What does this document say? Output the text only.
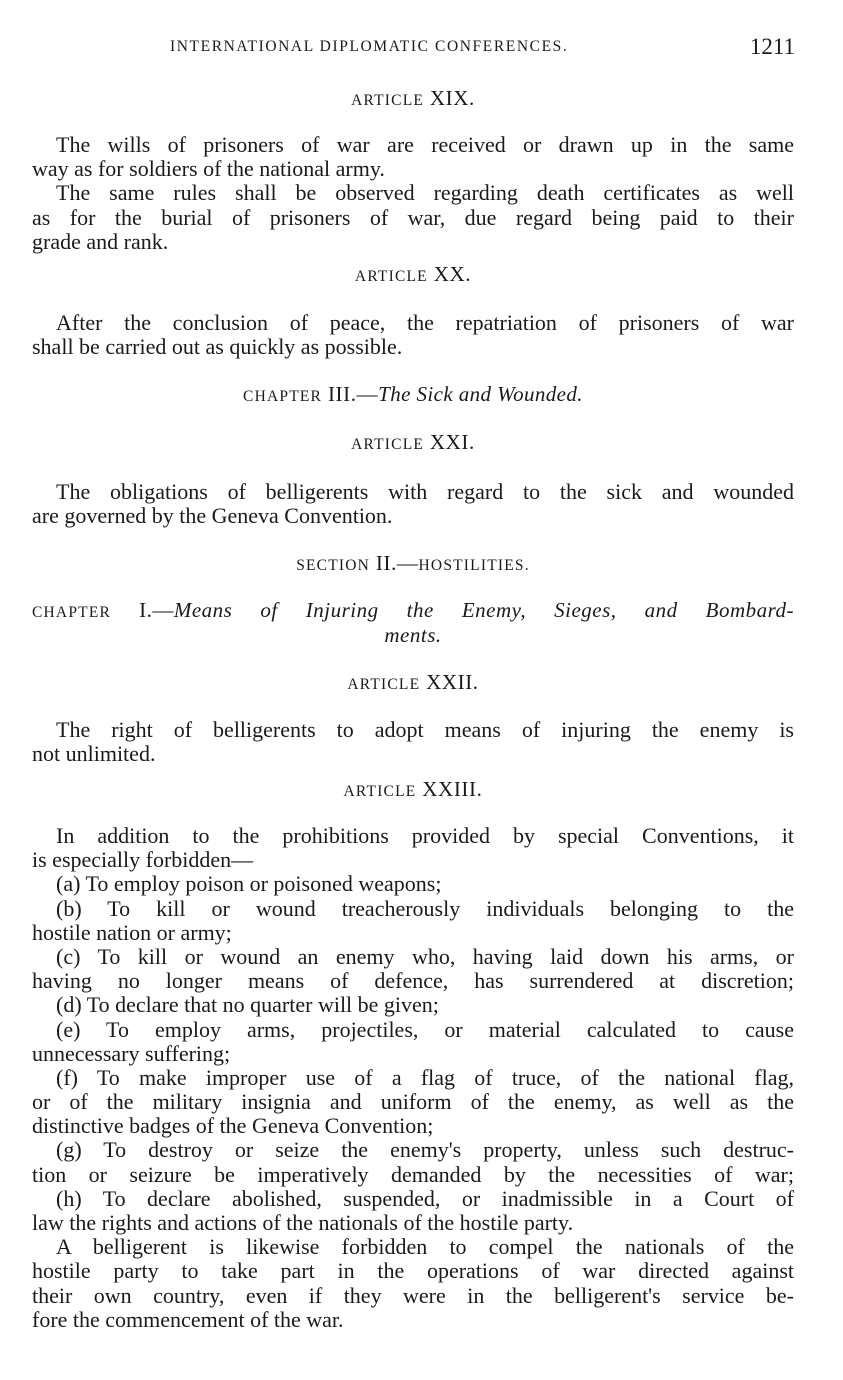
INTERNATIONAL DIPLOMATIC CONFERENCES.	1211
ARTICLE XIX.
The wills of prisoners of war are received or drawn up in the same
way as for soldiers of the national army.
The same rules shall be observed regarding death certificates as well
as for the burial of prisoners of war, due regard being paid to their
grade and rank.
ARTICLE XX.
After the conclusion of peace, the repatriation of prisoners of war
shall be carried out as quickly as possible.
CHAPTER III.—The Sick and Wounded.
ARTICLE XXI.
The obligations of belligerents with regard to the sick and wounded
are governed by the Geneva Convention.
SECTION II.—HOSTILITIES.
CHAPTER I.—Means of Injuring the Enemy, Sieges, and Bombard-
ments.
ARTICLE XXII.
The right of belligerents to adopt means of injuring the enemy is
not unlimited.
ARTICLE XXIII.
In addition to the prohibitions provided by special Conventions, it
is especially forbidden—
(a) To employ poison or poisoned weapons;
(b) To kill or wound treacherously individuals belonging to the
hostile nation or army;
(c) To kill or wound an enemy who, having laid down his arms, or
having no longer means of defence, has surrendered at discretion;
(d) To declare that no quarter will be given;
(e) To employ arms, projectiles, or material calculated to cause
unnecessary suffering;
(f) To make improper use of a flag of truce, of the national flag,
or of the military insignia and uniform of the enemy, as well as the
distinctive badges of the Geneva Convention;
(g) To destroy or seize the enemy's property, unless such destruc-
tion or seizure be imperatively demanded by the necessities of war;
(h) To declare abolished, suspended, or inadmissible in a Court of
law the rights and actions of the nationals of the hostile party.
A belligerent is likewise forbidden to compel the nationals of the
hostile party to take part in the operations of war directed against
their own country, even if they were in the belligerent's service be-
fore the commencement of the war.
